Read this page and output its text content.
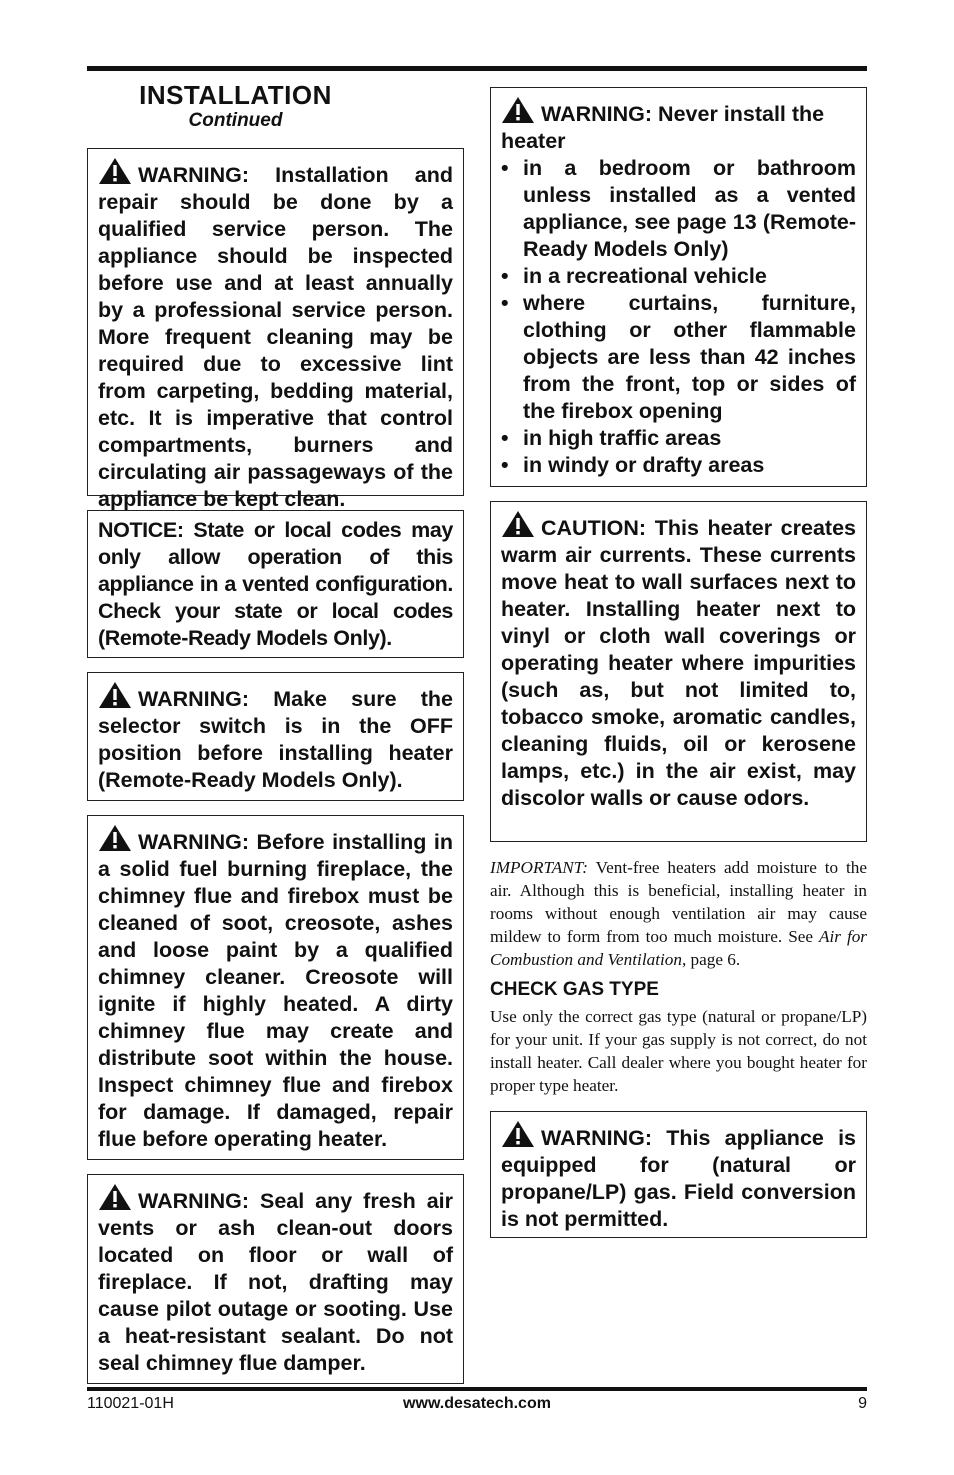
INSTALLATION
Continued
WARNING: Installation and repair should be done by a qualified service person. The appliance should be inspected before use and at least annually by a professional service person. More frequent cleaning may be required due to excessive lint from carpeting, bedding material, etc. It is imperative that control compartments, burners and circulating air passageways of the appliance be kept clean.
NOTICE: State or local codes may only allow operation of this appliance in a vented configuration. Check your state or local codes (Remote-Ready Models Only).
WARNING: Make sure the selector switch is in the OFF position before installing heater (Remote-Ready Models Only).
WARNING: Before installing in a solid fuel burning fireplace, the chimney flue and firebox must be cleaned of soot, creosote, ashes and loose paint by a qualified chimney cleaner. Creosote will ignite if highly heated. A dirty chimney flue may create and distribute soot within the house. Inspect chimney flue and firebox for damage. If damaged, repair flue before operating heater.
WARNING: Seal any fresh air vents or ash clean-out doors located on floor or wall of fireplace. If not, drafting may cause pilot outage or sooting. Use a heat-resistant sealant. Do not seal chimney flue damper.
WARNING: Never install the heater
• in a bedroom or bathroom unless installed as a vented appliance, see page 13 (Remote-Ready Models Only)
• in a recreational vehicle
• where curtains, furniture, clothing or other flammable objects are less than 42 inches from the front, top or sides of the firebox opening
• in high traffic areas
• in windy or drafty areas
CAUTION: This heater creates warm air currents. These currents move heat to wall surfaces next to heater. Installing heater next to vinyl or cloth wall coverings or operating heater where impurities (such as, but not limited to, tobacco smoke, aromatic candles, cleaning fluids, oil or kerosene lamps, etc.) in the air exist, may discolor walls or cause odors.

IMPORTANT: Vent-free heaters add moisture to the air. Although this is beneficial, installing heater in rooms without enough ventilation air may cause mildew to form from too much moisture. See Air for Combustion and Ventilation, page 6.

CHECK GAS TYPE

Use only the correct gas type (natural or propane/LP) for your unit. If your gas supply is not correct, do not install heater. Call dealer where you bought heater for proper type heater.

WARNING: This appliance is equipped for (natural or propane/LP) gas. Field conversion is not permitted.
110021-01H	www.desatech.com	9
